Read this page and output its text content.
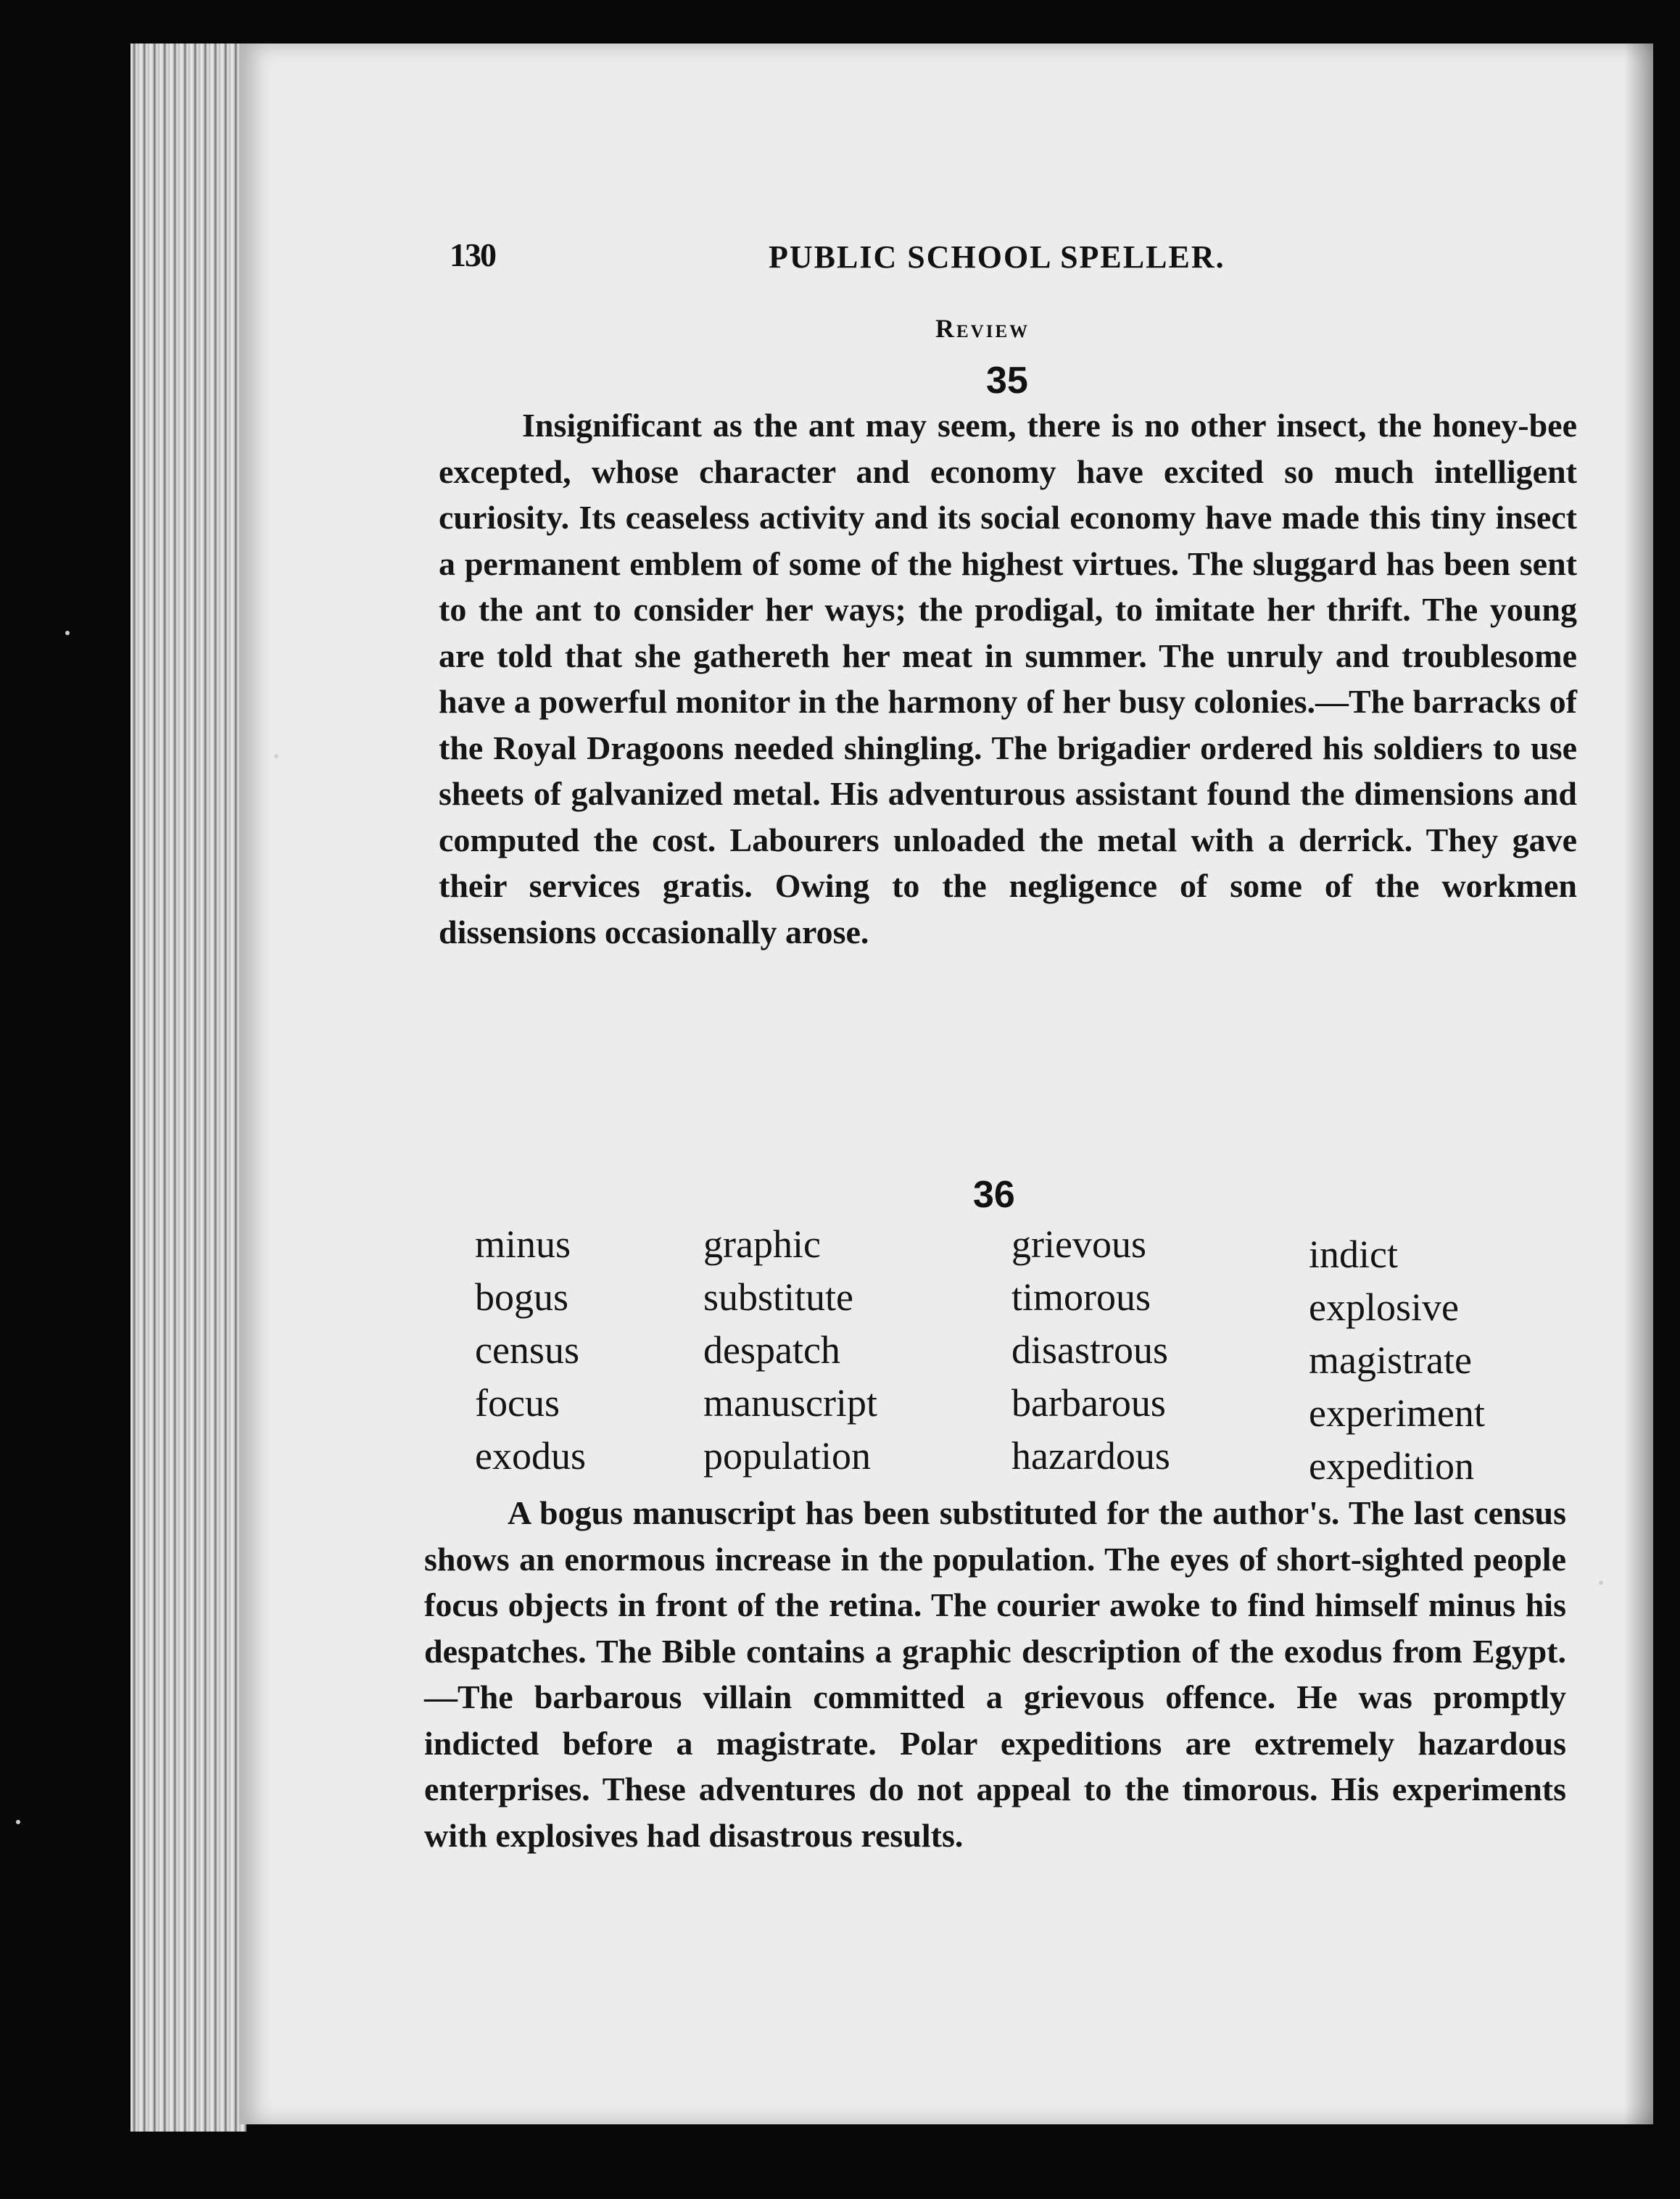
130	PUBLIC SCHOOL SPELLER.
Review
35

Insignificant as the ant may seem, there is no other insect, the honey-bee excepted, whose character and economy have excited so much intelligent curiosity. Its ceaseless activity and its social economy have made this tiny insect a permanent emblem of some of the highest virtues. The sluggard has been sent to the ant to consider her ways; the prodigal, to imitate her thrift. The young are told that she gathereth her meat in summer. The unruly and troublesome have a powerful monitor in the harmony of her busy colonies.—The barracks of the Royal Dragoons needed shingling. The brigadier ordered his soldiers to use sheets of galvanized metal. His adventurous assistant found the dimensions and computed the cost. Labourers unloaded the metal with a derrick. They gave their services gratis. Owing to the negligence of some of the workmen dissensions occasionally arose.

36
minus
bogus
census
focus
exodus
graphic
substitute
despatch
manuscript
population
grievous
timorous
disastrous
barbarous
hazardous
indict
explosive
magistrate
experiment
expedition

A bogus manuscript has been substituted for the author's. The last census shows an enormous increase in the population. The eyes of short-sighted people focus objects in front of the retina. The courier awoke to find himself minus his despatches. The Bible contains a graphic description of the exodus from Egypt.—The barbarous villain committed a grievous offence. He was promptly indicted before a magistrate. Polar expeditions are extremely hazardous enterprises. These adventures do not appeal to the timorous. His experiments with explosives had disastrous results.
